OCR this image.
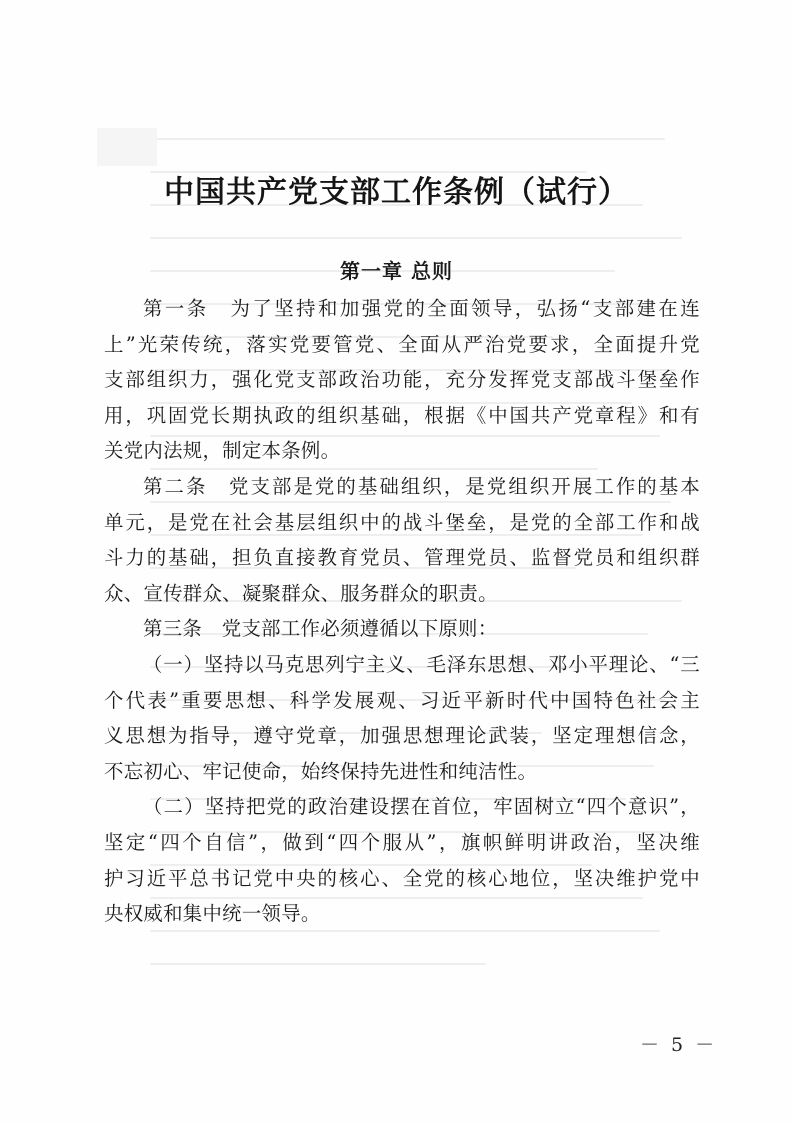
中国共产党支部工作条例（试行）
第一章 总则
第一条　为了坚持和加强党的全面领导，弘扬“支部建在连
上”光荣传统，落实党要管党、全面从严治党要求，全面提升党
支部组织力，强化党支部政治功能，充分发挥党支部战斗堡垒作
用，巩固党长期执政的组织基础，根据《中国共产党章程》和有
关党内法规，制定本条例。
第二条　党支部是党的基础组织，是党组织开展工作的基本
单元，是党在社会基层组织中的战斗堡垒，是党的全部工作和战
斗力的基础，担负直接教育党员、管理党员、监督党员和组织群
众、宣传群众、凝聚群众、服务群众的职责。
第三条　党支部工作必须遵循以下原则：
（一）坚持以马克思列宁主义、毛泽东思想、邓小平理论、“三
个代表”重要思想、科学发展观、习近平新时代中国特色社会主
义思想为指导，遵守党章，加强思想理论武装，坚定理想信念，
不忘初心、牢记使命，始终保持先进性和纯洁性。
（二）坚持把党的政治建设摆在首位，牢固树立“四个意识”，
坚定“四个自信”，做到“四个服从”，旗帜鲜明讲政治，坚决维
护习近平总书记党中央的核心、全党的核心地位，坚决维护党中
央权威和集中统一领导。
－ 5 －
